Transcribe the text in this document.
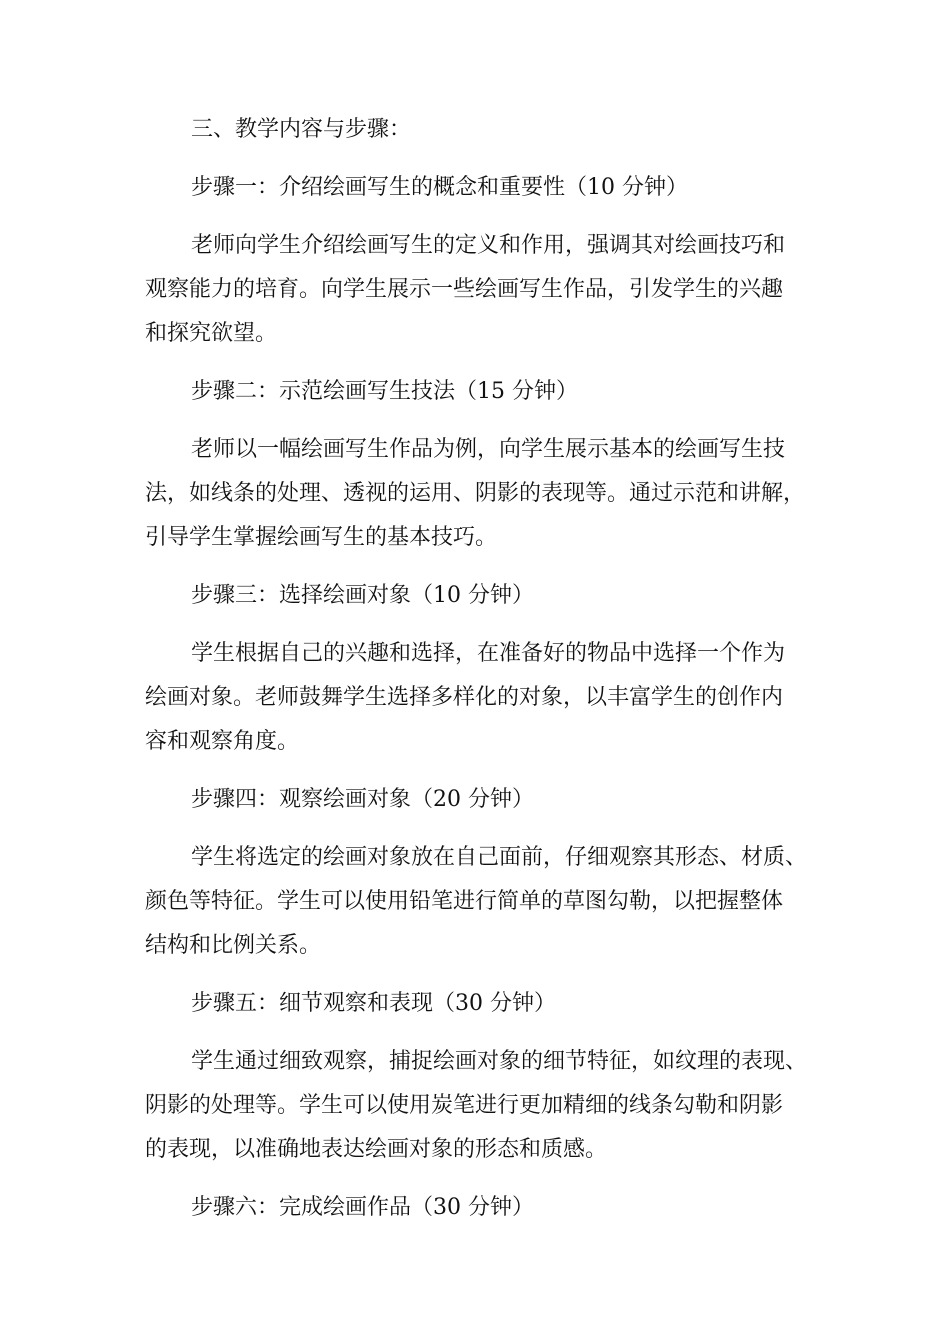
三、教学内容与步骤：

步骤一：介绍绘画写生的概念和重要性（10 分钟）

老师向学生介绍绘画写生的定义和作用，强调其对绘画技巧和

观察能力的培育。向学生展示一些绘画写生作品，引发学生的兴趣

和探究欲望。

步骤二：示范绘画写生技法（15 分钟）

老师以一幅绘画写生作品为例，向学生展示基本的绘画写生技

法，如线条的处理、透视的运用、阴影的表现等。通过示范和讲解，

引导学生掌握绘画写生的基本技巧。

步骤三：选择绘画对象（10 分钟）

学生根据自己的兴趣和选择，在准备好的物品中选择一个作为

绘画对象。老师鼓舞学生选择多样化的对象，以丰富学生的创作内

容和观察角度。

步骤四：观察绘画对象（20 分钟）

学生将选定的绘画对象放在自己面前，仔细观察其形态、材质、

颜色等特征。学生可以使用铅笔进行简单的草图勾勒，以把握整体

结构和比例关系。

步骤五：细节观察和表现（30 分钟）

学生通过细致观察，捕捉绘画对象的细节特征，如纹理的表现、

阴影的处理等。学生可以使用炭笔进行更加精细的线条勾勒和阴影

的表现，以准确地表达绘画对象的形态和质感。

步骤六：完成绘画作品（30 分钟）
